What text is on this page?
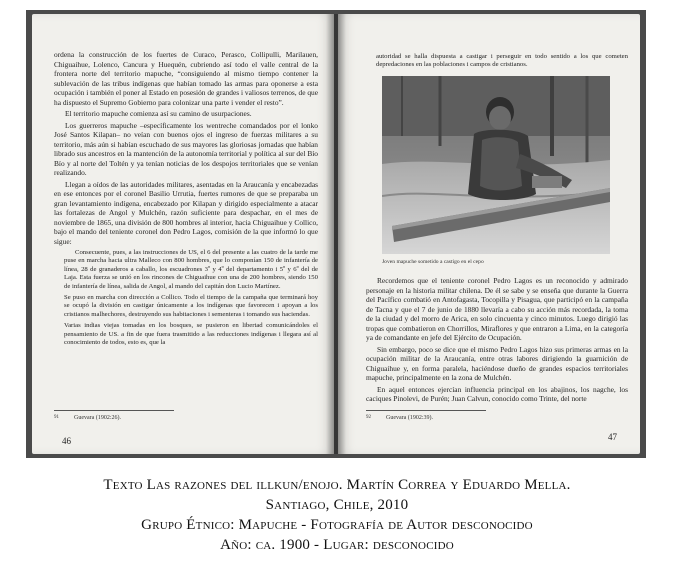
ordena la construcción de los fuertes de Curaco, Perasco, Collipulli, Marilauen, Chiguaihue, Lolenco, Cancura y Huequén, cubriendo así todo el valle central de la frontera norte del territorio mapuche, “consiguiendo al mismo tiempo contener la sublevación de las tribus indígenas que habían tomado las armas para oponerse a esta ocupación i también el poner al Estado en posesión de grandes i valiosos terrenos, de que ha dispuesto el Supremo Gobierno para colonizar una parte i vender el resto”.

El territorio mapuche comienza así su camino de usurpaciones.

Los guerreros mapuche –específicamente los wentreche comandados por el lonko José Santos Kilapan– no veían con buenos ojos el ingreso de fuerzas militares a su territorio, más aún si habían escuchado de sus mayores las gloriosas jornadas que habían librado sus ancestros en la mantención de la autonomía territorial y política al sur del Bío Bío y al norte del Toltén y ya tenían noticias de los despojos territoriales que se venían realizando.

Llegan a oídos de las autoridades militares, asentadas en la Araucanía y encabezadas en ese entonces por el coronel Basilio Urrutia, fuertes rumores de que se preparaba un gran levantamiento indígena, encabezado por Kilapan y dirigido especialmente a atacar las fortalezas de Angol y Mulchén, razón suficiente para despachar, en el mes de noviembre de 1865, una división de 800 hombres al interior, hacia Chiguaihue y Collico, bajo el mando del teniente coronel don Pedro Lagos, comisión de la que informó lo que sigue:

Consecuente, pues, a las instrucciones de US, el 6 del presente a las cuatro de la tarde me puse en marcha hacia ultra Malleco con 800 hombres, que lo componían 150 de infantería de línea, 28 de granaderos a caballo, los escuadrones 3º y 4º del departamento i 5º y 6º del de Laja. Esta fuerza se unió en los rincones de Chiguaihue con una de 200 hombres, siendo 150 de infantería de línea, salida de Angol, al mando del capitán don Lucio Martínez.

Se puso en marcha con dirección a Collico. Todo el tiempo de la campaña que terminará hoy se ocupó la división en castigar únicamente a los indígenas que favorecen i apoyan a los cristianos malhechores, destruyendo sus habitaciones i sementeras i tomando sus haciendas.

Varias indias viejas tomadas en los bosques, se pusieron en libertad comunicándoles el pensamiento de US. a fin de que fuera trasmitido a las reducciones indígenas i llegara así al conocimiento de todos, esto es, que la

91	Guevara (1902:26).
46

autoridad se halla dispuesta a castigar i perseguir en todo sentido a los que cometen depredaciones en las poblaciones i campos de cristianos.

Joven mapuche sometido a castigo en el cepo

Recordemos que el teniente coronel Pedro Lagos es un reconocido y admirado personaje en la historia militar chilena. De él se sabe y se enseña que durante la Guerra del Pacífico combatió en Antofagasta, Tocopilla y Pisagua, que participó en la campaña de Tacna y que el 7 de junio de 1880 llevaría a cabo su acción más recordada, la toma de la ciudad y del morro de Arica, en solo cincuenta y cinco minutos. Luego dirigió las tropas que combatieron en Chorrillos, Miraflores y que entraron a Lima, en la categoría ya de comandante en jefe del Ejército de Ocupación.

Sin embargo, poco se dice que el mismo Pedro Lagos hizo sus primeras armas en la ocupación militar de la Araucanía, entre otras labores dirigiendo la guarnición de Chiguaihue y, en forma paralela, haciéndose dueño de grandes espacios territoriales mapuche, principalmente en la zona de Mulchén.

En aquel entonces ejercían influencia principal en los abajinos, los nagche, los caciques Pinolevi, de Purén; Juan Calvun, conocido como Trinte, del norte

92	Guevara (1902:39).
47
Texto Las razones del illkun/enojo. Martín Correa y Eduardo Mella.
Santiago, Chile, 2010
Grupo Étnico: Mapuche - Fotografía de Autor desconocido
Año: ca. 1900 - Lugar: desconocido
